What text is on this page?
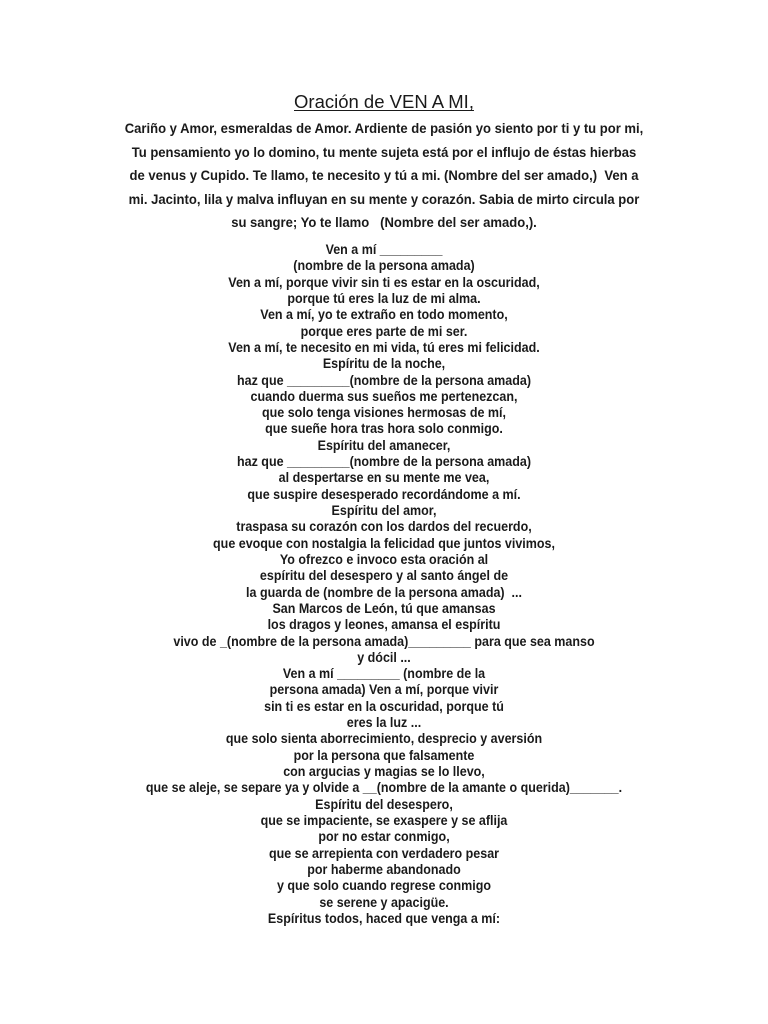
Oración de VEN A MI,
Cariño y Amor, esmeraldas de Amor. Ardiente de pasión yo siento por ti y tu por mi,
Tu pensamiento yo lo domino, tu mente sujeta está por el influjo de éstas hierbas
de venus y Cupido. Te llamo, te necesito y tú a mi. (Nombre del ser amado,)  Ven a
mi. Jacinto, lila y malva influyan en su mente y corazón. Sabia de mirto circula por
su sangre; Yo te llamo   (Nombre del ser amado,).
Ven a mí _________
(nombre de la persona amada)
Ven a mí, porque vivir sin ti es estar en la oscuridad,
porque tú eres la luz de mi alma.
Ven a mí, yo te extraño en todo momento,
porque eres parte de mi ser.
Ven a mí, te necesito en mi vida, tú eres mi felicidad.
Espíritu de la noche,
haz que _________(nombre de la persona amada)
cuando duerma sus sueños me pertenezcan,
que solo tenga visiones hermosas de mí,
que sueñe hora tras hora solo conmigo.
Espíritu del amanecer,
haz que _________(nombre de la persona amada)
al despertarse en su mente me vea,
que suspire desesperado recordándome a mí.
Espíritu del amor,
traspasa su corazón con los dardos del recuerdo,
que evoque con nostalgia la felicidad que juntos vivimos,
Yo ofrezco e invoco esta oración al
espíritu del desespero y al santo ángel de
la guarda de (nombre de la persona amada)  ...
San Marcos de León, tú que amansas
los dragos y leones, amansa el espíritu
vivo de _(nombre de la persona amada)_________ para que sea manso
y dócil ...
Ven a mí _________ (nombre de la
persona amada) Ven a mí, porque vivir
sin ti es estar en la oscuridad, porque tú
eres la luz ...
que solo sienta aborrecimiento, desprecio y aversión
por la persona que falsamente
con argucias y magias se lo llevo,
que se aleje, se separe ya y olvide a __(nombre de la amante o querida)_______.
Espíritu del desespero,
que se impaciente, se exaspere y se aflija
por no estar conmigo,
que se arrepienta con verdadero pesar
por haberme abandonado
y que solo cuando regrese conmigo
se serene y apacigüe.
Espíritus todos, haced que venga a mí:
